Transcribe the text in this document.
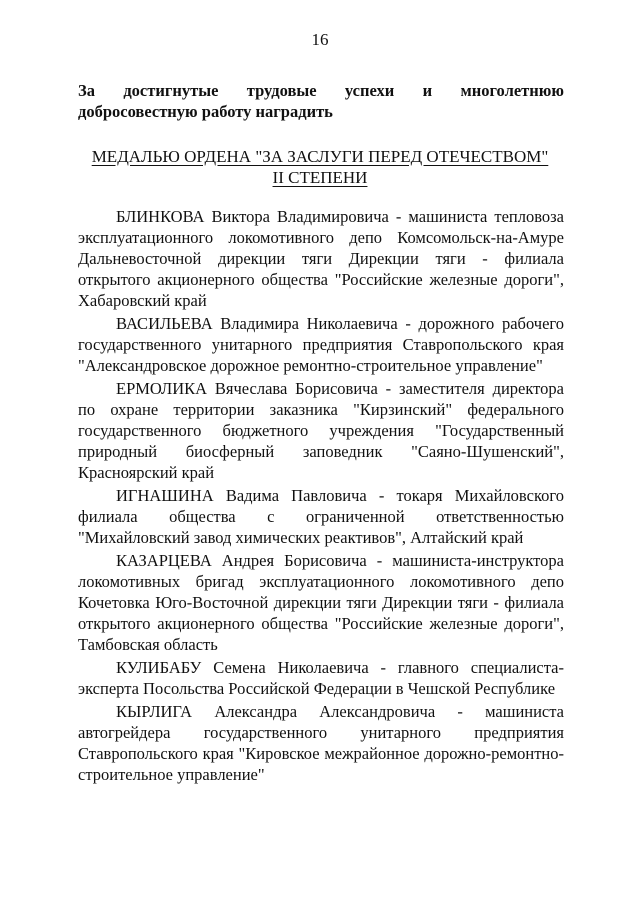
16
За достигнутые трудовые успехи и многолетнюю
добросовестную работу наградить
МЕДАЛЬЮ ОРДЕНА "ЗА ЗАСЛУГИ ПЕРЕД ОТЕЧЕСТВОМ"
II СТЕПЕНИ

БЛИНКОВА Виктора Владимировича - машиниста тепловоза эксплуатационного локомотивного депо Комсомольск-на-Амуре Дальневосточной дирекции тяги Дирекции тяги - филиала открытого акционерного общества "Российские железные дороги", Хабаровский край

ВАСИЛЬЕВА Владимира Николаевича - дорожного рабочего государственного унитарного предприятия Ставропольского края "Александровское дорожное ремонтно-строительное управление"

ЕРМОЛИКА Вячеслава Борисовича - заместителя директора по охране территории заказника "Кирзинский" федерального государственного бюджетного учреждения "Государственный природный биосферный заповедник "Саяно-Шушенский", Красноярский край

ИГНАШИНА Вадима Павловича - токаря Михайловского филиала общества с ограниченной ответственностью "Михайловский завод химических реактивов", Алтайский край

КАЗАРЦЕВА Андрея Борисовича - машиниста-инструктора локомотивных бригад эксплуатационного локомотивного депо Кочетовка Юго-Восточной дирекции тяги Дирекции тяги - филиала открытого акционерного общества "Российские железные дороги", Тамбовская область

КУЛИБАБУ Семена Николаевича - главного специалиста-эксперта Посольства Российской Федерации в Чешской Республике

КЫРЛИГА Александра Александровича - машиниста автогрейдера государственного унитарного предприятия Ставропольского края "Кировское межрайонное дорожно-ремонтно-строительное управление"
